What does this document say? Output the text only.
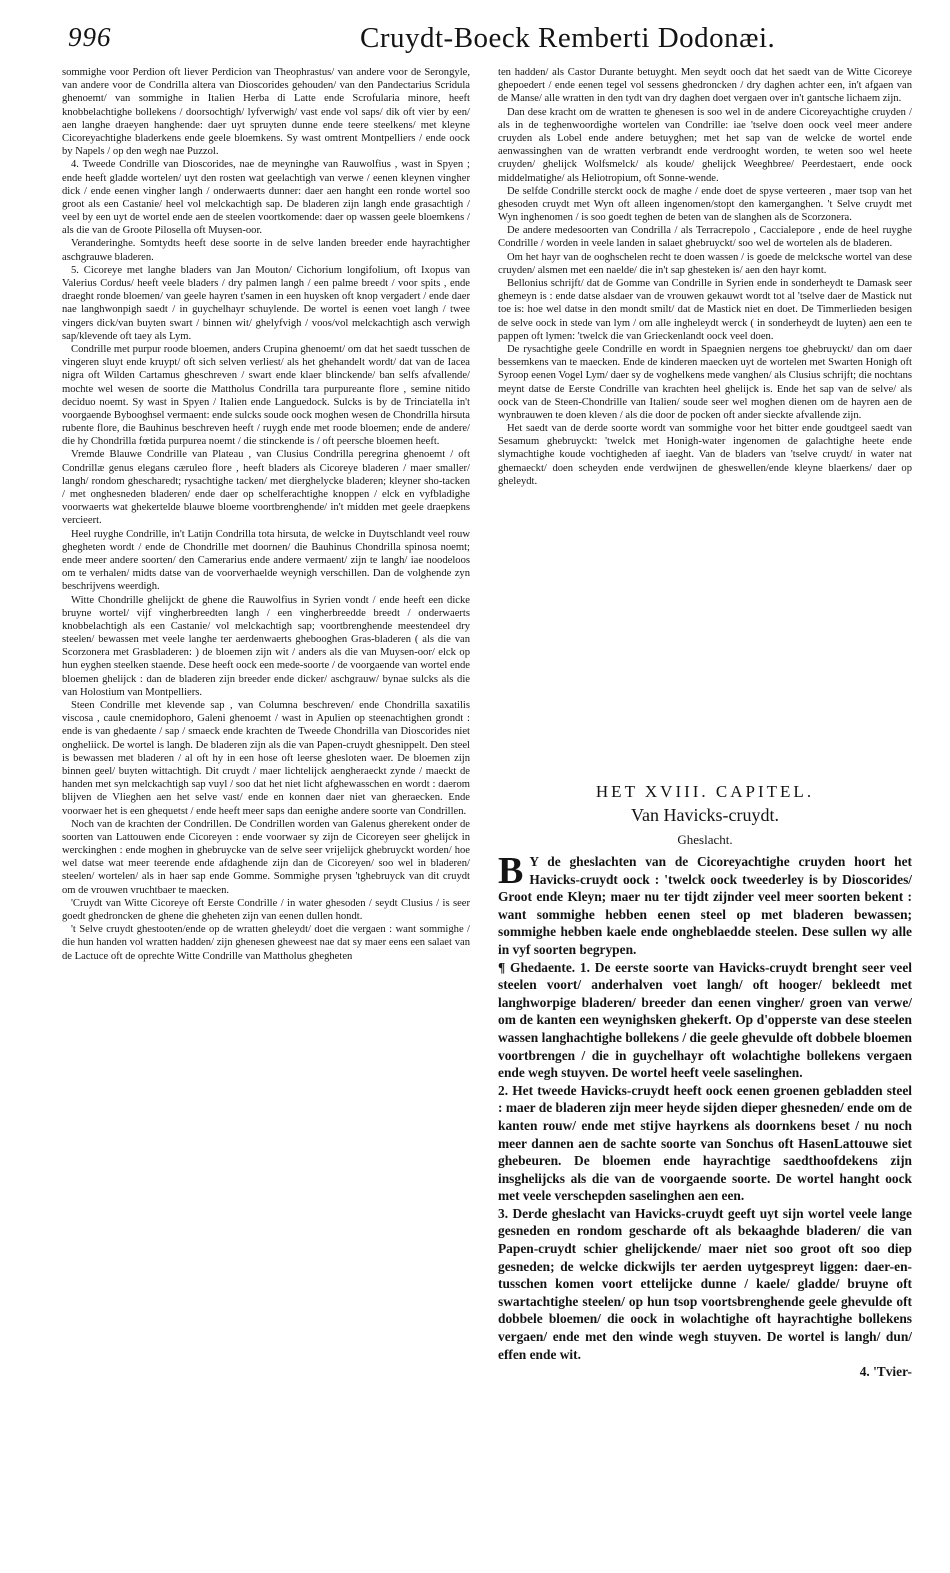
996	Cruydt-Boeck Remberti Dodonæi.

sommighe voor Perdion oft liever Perdicion van Theophrastus/ van andere voor de Serongyle, van andere voor de Condrilla altera van Dioscorides gehouden/ van den Pandectarius Scridula ghenoemt/ van sommighe in Italien Herba di Latte ende Scrofularia minore, heeft knobbelachtighe bollekens / doorsochtigh/ lyfverwigh/ vast ende vol saps/ dik oft vier by een/ aen langhe draeyen hanghende: daer uyt spruyten dunne ende teere steelkens/ met kleyne Cicoreyachtighe bladerkens ende geele bloemkens. Sy wast omtrent Montpelliers / ende oock by Napels / op den wegh nae Puzzol.

4. Tweede Condrille van Dioscorides, nae de meyninghe van Rauwolfius , wast in Spyen ; ende heeft gladde wortelen/ uyt den rosten wat geelachtigh van verwe / eenen kleynen vingher dick / ende eenen vingher langh / onderwaerts dunner: daer aen hanght een ronde wortel soo groot als een Castanie/ heel vol melckachtigh sap. De bladeren zijn langh ende grasachtigh / veel by een uyt de wortel ende aen de steelen voortkomende: daer op wassen geele bloemkens / als die van de Groote Pilosella oft Muysen-oor.

Veranderinghe. Somtydts heeft dese soorte in de selve landen breeder ende hayrachtigher aschgrauwe bladeren.

5. Cicoreye met langhe bladers van Jan Mouton/ Cichorium longifolium, oft Ixopus van Valerius Cordus/ heeft veele bladers / dry palmen langh / een palme breedt / voor spits , ende draeght ronde bloemen/ van geele hayren t'samen in een huysken oft knop vergadert / ende daer nae langhwonpigh saedt / in guychelhayr schuylende. De wortel is eenen voet langh / twee vingers dick/van buyten swart / binnen wit/ ghelyfvigh / voos/vol melckachtigh asch verwigh sap/klevende oft taey als Lym.

Condrille met purpur roode bloemen, anders Crupina ghenoemt/ om dat het saedt tusschen de vingeren sluyt ende kruypt/ oft sich selven verliest/ als het ghehandelt wordt/ dat van de Iacea nigra oft Wilden Cartamus gheschreven / swart ende klaer blinckende/ ban selfs afvallende/ mochte wel wesen de soorte die Mattholus Condrilla tara purpureante flore , semine nitido deciduo noemt. Sy wast in Spyen / Italien ende Languedock. Sulcks is by de Trinciatella in't voorgaende Bybooghsel vermaent: ende sulcks soude oock moghen wesen de Chondrilla hirsuta rubente flore, die Bauhinus beschreven heeft / ruygh ende met roode bloemen; ende de andere/ die hy Chondrilla fœtida purpurea noemt / die stinckende is / oft peersche bloemen heeft.

Vremde Blauwe Condrille van Plateau , van Clusius Condrilla peregrina ghenoemt / oft Condrillæ genus elegans cæruleo flore , heeft bladers als Cicoreye bladeren / maer smaller/ langh/ rondom ghescharedt; rysachtighe tacken/ met dierghelycke bladeren; kleyner sho-tacken / met onghesneden bladeren/ ende daer op schelferachtighe knoppen / elck en vyfbladighe voorwaerts wat ghekertelde blauwe bloeme voortbrenghende/ in't midden met geele draepkens vercieert.

Heel ruyghe Condrille, in't Latijn Condrilla tota hirsuta, de welcke in Duytschlandt veel rouw ghegheten wordt / ende de Chondrille met doornen/ die Bauhinus Chondrilla spinosa noemt; ende meer andere soorten/ den Camerarius ende andere vermaent/ zijn te langh/ iae noodeloos om te verhalen/ midts datse van de voorverhaelde weynigh verschillen. Dan de volghende zyn beschrijvens weerdigh.

Witte Chondrille ghelijckt de ghene die Rauwolfius in Syrien vondt / ende heeft een dicke bruyne wortel/ vijf vingherbreedten langh / een vingherbreedde breedt / onderwaerts knobbelachtigh als een Castanie/ vol melckachtigh sap; voortbrenghende meestendeel dry steelen/ bewassen met veele langhe ter aerdenwaerts ghebooghen Gras-bladeren ( als die van Scorzonera met Grasbladeren: ) de bloemen zijn wit / anders als die van Muysen-oor/ elck op hun eyghen steelken staende. Dese heeft oock een mede-soorte / de voorgaende van wortel ende bloemen ghelijck : dan de bladeren zijn breeder ende dicker/ aschgrauw/ bynae sulcks als die van Holostium van Montpelliers.

Steen Condrille met klevende sap , van Columna beschreven/ ende Chondrilla saxatilis viscosa , caule cnemidophoro, Galeni ghenoemt / wast in Apulien op steenachtighen grondt : ende is van ghedaente / sap / smaeck ende krachten de Tweede Chondrilla van Dioscorides niet ongheliick. De wortel is langh. De bladeren zijn als die van Papen-cruydt ghesnippelt. Den steel is bewassen met bladeren / al oft hy in een hose oft leerse ghesloten waer. De bloemen zijn binnen geel/ buyten wittachtigh. Dit cruydt / maer lichtelijck aengheraeckt zynde / maeckt de handen met syn melckachtigh sap vuyl / soo dat het niet licht afghewasschen en wordt : daerom blijven de Vlieghen aen het selve vast/ ende en konnen daer niet van gheraecken. Ende voorwaer het is een ghequetst / ende heeft meer saps dan eenighe andere soorte van Condrillen.

Noch van de krachten der Condrillen. De Condrillen worden van Galenus gherekent onder de soorten van Lattouwen ende Cicoreyen : ende voorwaer sy zijn de Cicoreyen seer ghelijck in werckinghen : ende moghen in ghebruycke van de selve seer vrijelijck ghebruyckt worden/ hoe wel datse wat meer teerende ende afdaghende zijn dan de Cicoreyen/ soo wel in bladeren/ steelen/ wortelen/ als in haer sap ende Gomme. Sommighe prysen 'tghebruyck van dit cruydt om de vrouwen vruchtbaer te maecken.

'Cruydt van Witte Cicoreye oft Eerste Condrille / in water ghesoden / seydt Clusius / is seer goedt ghedroncken de ghene die gheheten zijn van eenen dullen hondt.

't Selve cruydt ghestooten/ende op de wratten gheleydt/ doet die vergaen : want sommighe / die hun handen vol wratten hadden/ zijn ghenesen gheweest nae dat sy maer eens een salaet van de Lactuce oft de oprechte Witte Condrille van Mattholus ghegheten

ten hadden/ als Castor Durante betuyght. Men seydt ooch dat het saedt van de Witte Cicoreye ghepoedert / ende eenen tegel vol sessens ghedroncken / dry daghen achter een, in't afgaen van de Manse/ alle wratten in den tydt van dry daghen doet vergaen over in't gantsche lichaem zijn.

Dan dese kracht om de wratten te ghenesen is soo wel in de andere Cicoreyachtighe cruyden / als in de teghenwoordighe wortelen van Condrille: iae 'tselve doen oock veel meer andere cruyden als Lobel ende andere betuyghen; met het sap van de welcke de wortel ende aenwassinghen van de wratten verbrandt ende verdrooght worden, te weten soo wel heete cruyden/ ghelijck Wolfsmelck/ als koude/ ghelijck Weeghbree/ Peerdestaert, ende oock middelmatighe/ als Heliotropium, oft Sonne-wende.

De selfde Condrille sterckt oock de maghe / ende doet de spyse verteeren , maer tsop van het ghesoden cruydt met Wyn oft alleen ingenomen/stopt den kamerganghen. 't Selve cruydt met Wyn inghenomen / is soo goedt teghen de beten van de slanghen als de Scorzonera.

De andere medesoorten van Condrilla / als Terracrepolo , Caccialepore , ende de heel ruyghe Condrille / worden in veele landen in salaet ghebruyckt/ soo wel de wortelen als de bladeren.

Om het hayr van de ooghschelen recht te doen wassen / is goede de melcksche wortel van dese cruyden/ alsmen met een naelde/ die in't sap ghesteken is/ aen den hayr komt.

Bellonius schrijft/ dat de Gomme van Condrille in Syrien ende in sonderheydt te Damask seer ghemeyn is : ende datse alsdaer van de vrouwen gekauwt wordt tot al 'tselve daer de Mastick nut toe is: hoe wel datse in den mondt smilt/ dat de Mastick niet en doet. De Timmerlieden besigen de selve oock in stede van lym / om alle ingheleydt werck ( in sonderheydt de luyten) aen een te pappen oft lymen: 'twelck die van Grieckenlandt oock veel doen.

De rysachtighe geele Condrille en wordt in Spaegnien nergens toe ghebruyckt/ dan om daer bessemkens van te maecken. Ende de kinderen maecken uyt de wortelen met Swarten Honigh oft Syroop eenen Vogel Lym/ daer sy de voghelkens mede vanghen/ als Clusius schrijft; die nochtans meynt datse de Eerste Condrille van krachten heel ghelijck is. Ende het sap van de selve/ als oock van de Steen-Chondrille van Italien/ soude seer wel moghen dienen om de hayren aen de wynbrauwen te doen kleven / als die door de pocken oft ander sieckte afvallende zijn.

Het saedt van de derde soorte wordt van sommighe voor het bitter ende goudtgeel saedt van Sesamum ghebruyckt: 'twelck met Honigh-water ingenomen de galachtighe heete ende slymachtighe koude vochtigheden af iaeght. Van de bladers van 'tselve cruydt/ in water nat ghemaeckt/ doen scheyden ende verdwijnen de gheswellen/ende kleyne blaerkens/ daer op gheleydt.

HET XVIII. CAPITEL.

Van Havicks-cruydt.

Gheslacht.

B Y de gheslachten van de Cicoreyachtighe cruyden hoort het Havicks-cruydt oock : 'twelck oock tweederley is by Dioscorides/ Groot ende Kleyn; maer nu ter tijdt zijnder veel meer soorten bekent : want sommighe hebben eenen steel op met bladeren bewassen; sommighe hebben kaele ende ongheblaedde steelen. Dese sullen wy alle in vyf soorten begrypen.

¶ Ghedaente. 1. De eerste soorte van Havicks-cruydt brenght seer veel steelen voort/ anderhalven voet langh/ oft hooger/ bekleedt met langhworpige bladeren/ breeder dan eenen vingher/ groen van verwe/ om de kanten een weynighsken ghekerft. Op d'opperste van dese steelen wassen langhachtighe bollekens / die geele ghevulde oft dobbele bloemen voortbrengen / die in guychelhayr oft wolachtighe bollekens vergaen ende wegh stuyven. De wortel heeft veele saselinghen.

2. Het tweede Havicks-cruydt heeft oock eenen groenen gebladden steel : maer de bladeren zijn meer heyde sijden dieper ghesneden/ ende om de kanten rouw/ ende met stijve hayrkens als doornkens beset / nu noch meer dannen aen de sachte soorte van Sonchus oft HasenLattouwe siet ghebeuren. De bloemen ende hayrachtige saedthoofdekens zijn insghelijcks als die van de voorgaende soorte. De wortel hanght oock met veele verschepden saselinghen aen een.

3. Derde gheslacht van Havicks-cruydt geeft uyt sijn wortel veele lange gesneden en rondom gescharde oft als bekaaghde bladeren/ die van Papen-cruydt schier ghelijckende/ maer niet soo groot oft soo diep gesneden; de welcke dickwijls ter aerden uytgespreyt liggen: daer-en-tusschen komen voort ettelijcke dunne / kaele/ gladde/ bruyne oft swartachtighe steelen/ op hun tsop voortsbrenghende geele ghevulde oft dobbele bloemen/ die oock in wolachtighe oft hayrachtighe bollekens vergaen/ ende met den winde wegh stuyven. De wortel is langh/ dun/ effen ende wit.

4. 'Tvier-
